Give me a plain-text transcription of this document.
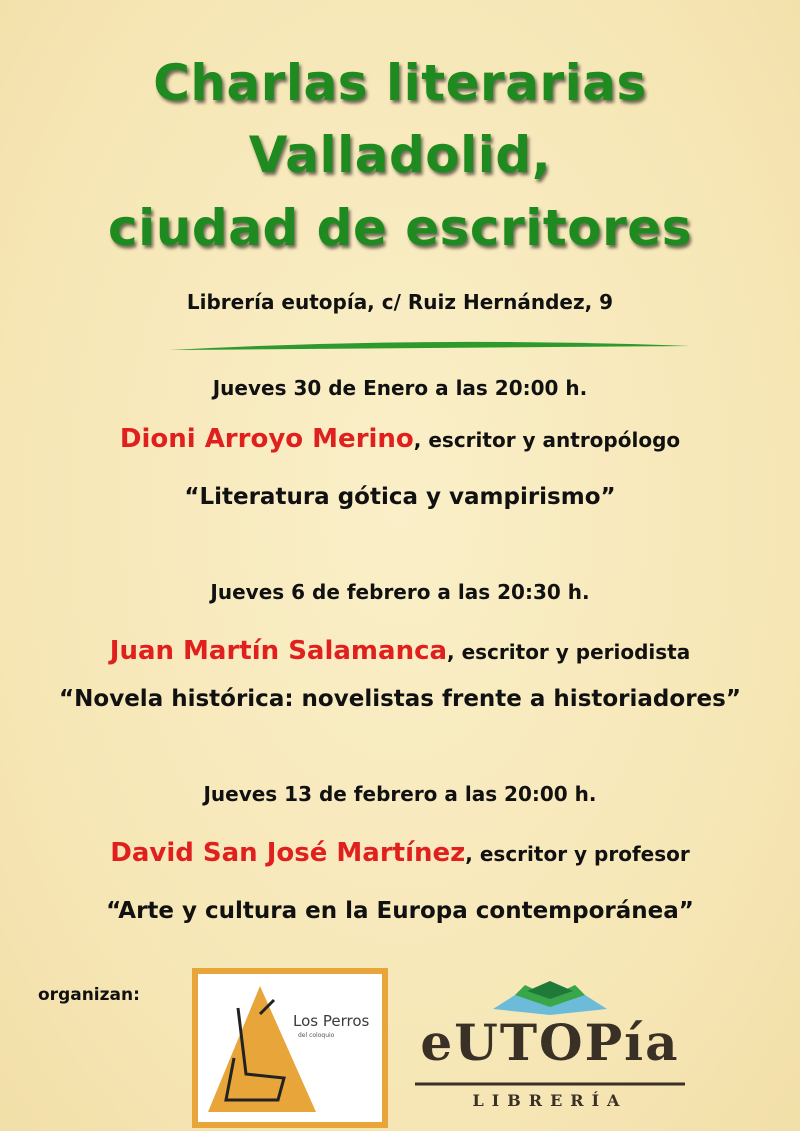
Charlas literarias
Valladolid,
ciudad de escritores
Librería eutopía, c/ Ruiz Hernández, 9
Jueves 30 de Enero a las 20:00 h.
Dioni Arroyo Merino, escritor y antropólogo
“Literatura gótica y vampirismo”
Jueves 6 de febrero a las 20:30 h.
Juan Martín Salamanca, escritor y periodista
“Novela histórica: novelistas frente a historiadores”
Jueves 13 de febrero a las 20:00 h.
David San José Martínez, escritor y profesor
“Arte y cultura en la Europa contemporánea”
organizan:
Los Perros
del coloquio	eUTOPía
LIBRERÍA
